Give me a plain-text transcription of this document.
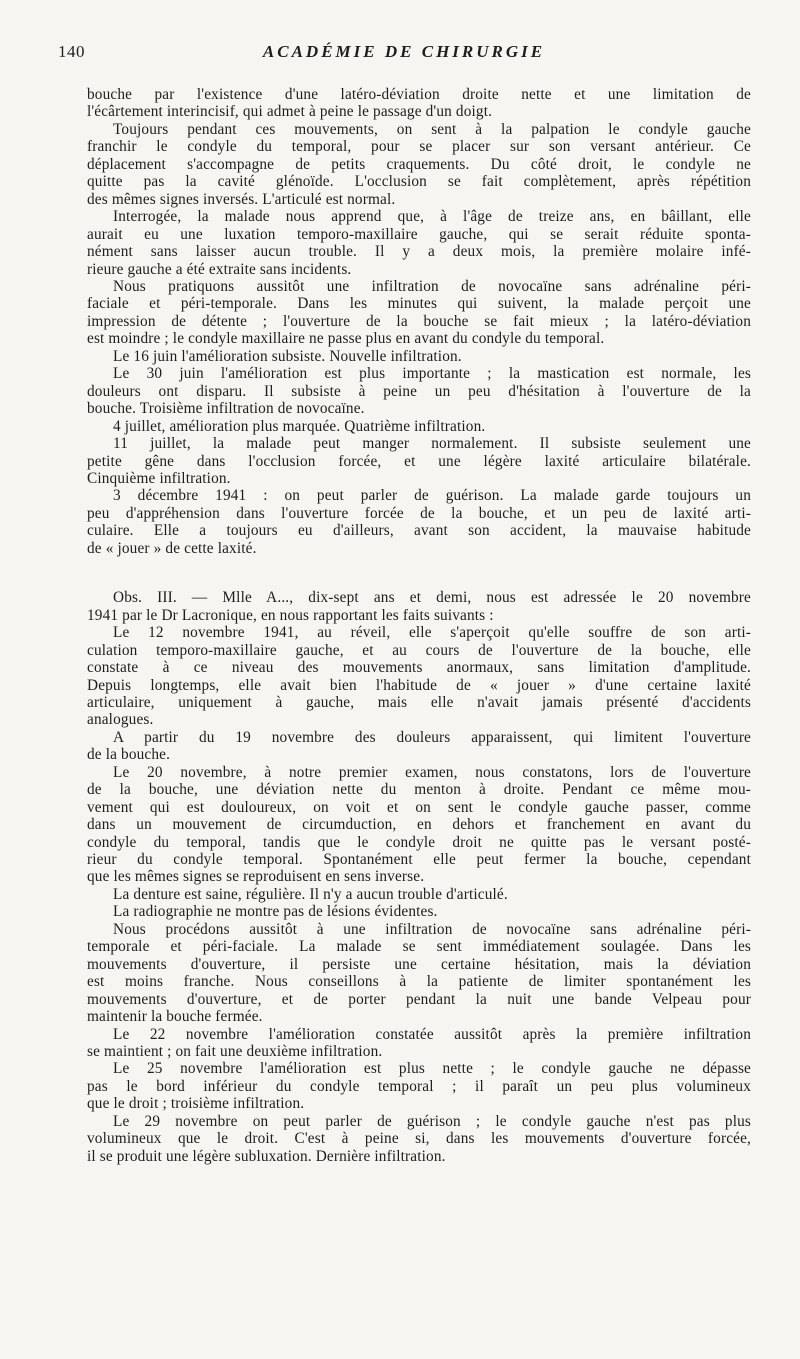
140	ACADÉMIE DE CHIRURGIE
bouche par l'existence d'une latéro-déviation droite nette et une limitation de
l'écârtement interincisif, qui admet à peine le passage d'un doigt.
Toujours pendant ces mouvements, on sent à la palpation le condyle gauche
franchir le condyle du temporal, pour se placer sur son versant antérieur. Ce
déplacement s'accompagne de petits craquements. Du côté droit, le condyle ne
quitte pas la cavité glénoïde. L'occlusion se fait complètement, après répétition
des mêmes signes inversés. L'articulé est normal.
Interrogée, la malade nous apprend que, à l'âge de treize ans, en bâillant, elle
aurait eu une luxation temporo-maxillaire gauche, qui se serait réduite sponta-
nément sans laisser aucun trouble. Il y a deux mois, la première molaire infé-
rieure gauche a été extraite sans incidents.
Nous pratiquons aussitôt une infiltration de novocaïne sans adrénaline péri-
faciale et péri-temporale. Dans les minutes qui suivent, la malade perçoit une
impression de détente ; l'ouverture de la bouche se fait mieux ; la latéro-déviation
est moindre ; le condyle maxillaire ne passe plus en avant du condyle du temporal.
Le 16 juin l'amélioration subsiste. Nouvelle infiltration.
Le 30 juin l'amélioration est plus importante ; la mastication est normale, les
douleurs ont disparu. Il subsiste à peine un peu d'hésitation à l'ouverture de la
bouche. Troisième infiltration de novocaïne.
4 juillet, amélioration plus marquée. Quatrième infiltration.
11 juillet, la malade peut manger normalement. Il subsiste seulement une
petite gêne dans l'occlusion forcée, et une légère laxité articulaire bilatérale.
Cinquième infiltration.
3 décembre 1941 : on peut parler de guérison. La malade garde toujours un
peu d'appréhension dans l'ouverture forcée de la bouche, et un peu de laxité arti-
culaire. Elle a toujours eu d'ailleurs, avant son accident, la mauvaise habitude
de « jouer » de cette laxité.
Obs. III. — Mlle A..., dix-sept ans et demi, nous est adressée le 20 novembre
1941 par le Dr Lacronique, en nous rapportant les faits suivants :
Le 12 novembre 1941, au réveil, elle s'aperçoit qu'elle souffre de son arti-
culation temporo-maxillaire gauche, et au cours de l'ouverture de la bouche, elle
constate à ce niveau des mouvements anormaux, sans limitation d'amplitude.
Depuis longtemps, elle avait bien l'habitude de « jouer » d'une certaine laxité
articulaire, uniquement à gauche, mais elle n'avait jamais présenté d'accidents
analogues.
A partir du 19 novembre des douleurs apparaissent, qui limitent l'ouverture
de la bouche.
Le 20 novembre, à notre premier examen, nous constatons, lors de l'ouverture
de la bouche, une déviation nette du menton à droite. Pendant ce même mou-
vement qui est douloureux, on voit et on sent le condyle gauche passer, comme
dans un mouvement de circumduction, en dehors et franchement en avant du
condyle du temporal, tandis que le condyle droit ne quitte pas le versant posté-
rieur du condyle temporal. Spontanément elle peut fermer la bouche, cependant
que les mêmes signes se reproduisent en sens inverse.
La denture est saine, régulière. Il n'y a aucun trouble d'articulé.
La radiographie ne montre pas de lésions évidentes.
Nous procédons aussitôt à une infiltration de novocaïne sans adrénaline péri-
temporale et péri-faciale. La malade se sent immédiatement soulagée. Dans les
mouvements d'ouverture, il persiste une certaine hésitation, mais la déviation
est moins franche. Nous conseillons à la patiente de limiter spontanément les
mouvements d'ouverture, et de porter pendant la nuit une bande Velpeau pour
maintenir la bouche fermée.
Le 22 novembre l'amélioration constatée aussitôt après la première infiltration
se maintient ; on fait une deuxième infiltration.
Le 25 novembre l'amélioration est plus nette ; le condyle gauche ne dépasse
pas le bord inférieur du condyle temporal ; il paraît un peu plus volumineux
que le droit ; troisième infiltration.
Le 29 novembre on peut parler de guérison ; le condyle gauche n'est pas plus
volumineux que le droit. C'est à peine si, dans les mouvements d'ouverture forcée,
il se produit une légère subluxation. Dernière infiltration.
